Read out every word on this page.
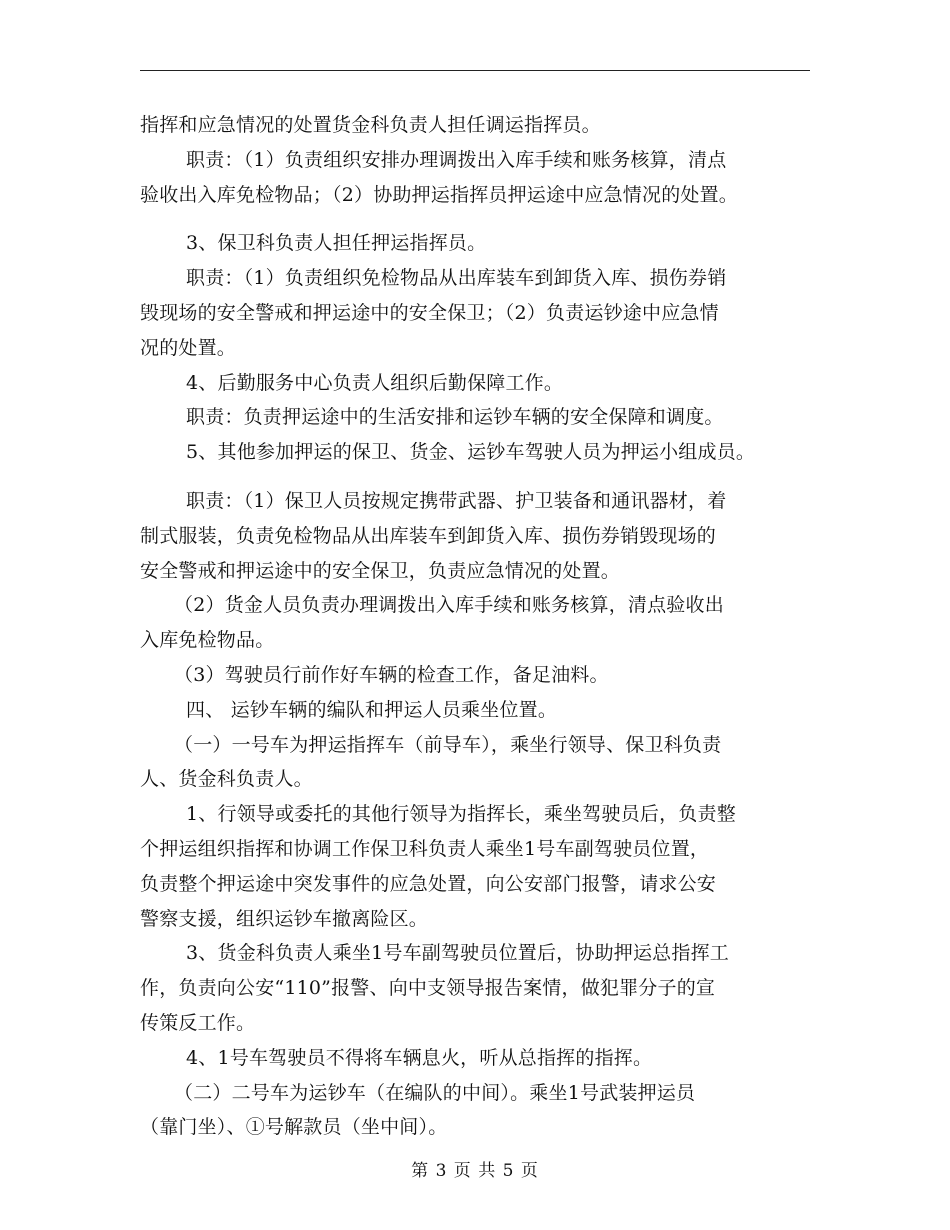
指挥和应急情况的处置货金科负责人担任调运指挥员。
职责：（1）负责组织安排办理调拨出入库手续和账务核算，清点
验收出入库免检物品；（2）协助押运指挥员押运途中应急情况的处置。
3、保卫科负责人担任押运指挥员。
职责：（1）负责组织免检物品从出库装车到卸货入库、损伤券销
毁现场的安全警戒和押运途中的安全保卫；（2）负责运钞途中应急情
况的处置。
4、后勤服务中心负责人组织后勤保障工作。
职责：负责押运途中的生活安排和运钞车辆的安全保障和调度。
5、其他参加押运的保卫、货金、运钞车驾驶人员为押运小组成员。
职责：（1）保卫人员按规定携带武器、护卫装备和通讯器材，着
制式服装，负责免检物品从出库装车到卸货入库、损伤券销毁现场的
安全警戒和押运途中的安全保卫，负责应急情况的处置。
（2）货金人员负责办理调拨出入库手续和账务核算，清点验收出
入库免检物品。
（3）驾驶员行前作好车辆的检查工作，备足油料。
四、 运钞车辆的编队和押运人员乘坐位置。
（一）一号车为押运指挥车（前导车），乘坐行领导、保卫科负责
人、货金科负责人。
1、行领导或委托的其他行领导为指挥长，乘坐驾驶员后，负责整
个押运组织指挥和协调工作保卫科负责人乘坐1号车副驾驶员位置，
负责整个押运途中突发事件的应急处置，向公安部门报警，请求公安
警察支援，组织运钞车撤离险区。
3、货金科负责人乘坐1号车副驾驶员位置后，协助押运总指挥工
作，负责向公安“110”报警、向中支领导报告案情，做犯罪分子的宣
传策反工作。
4、1号车驾驶员不得将车辆息火，听从总指挥的指挥。
（二）二号车为运钞车（在编队的中间）。乘坐1号武装押运员
（靠门坐）、①号解款员（坐中间）。
第 3 页 共 5 页
